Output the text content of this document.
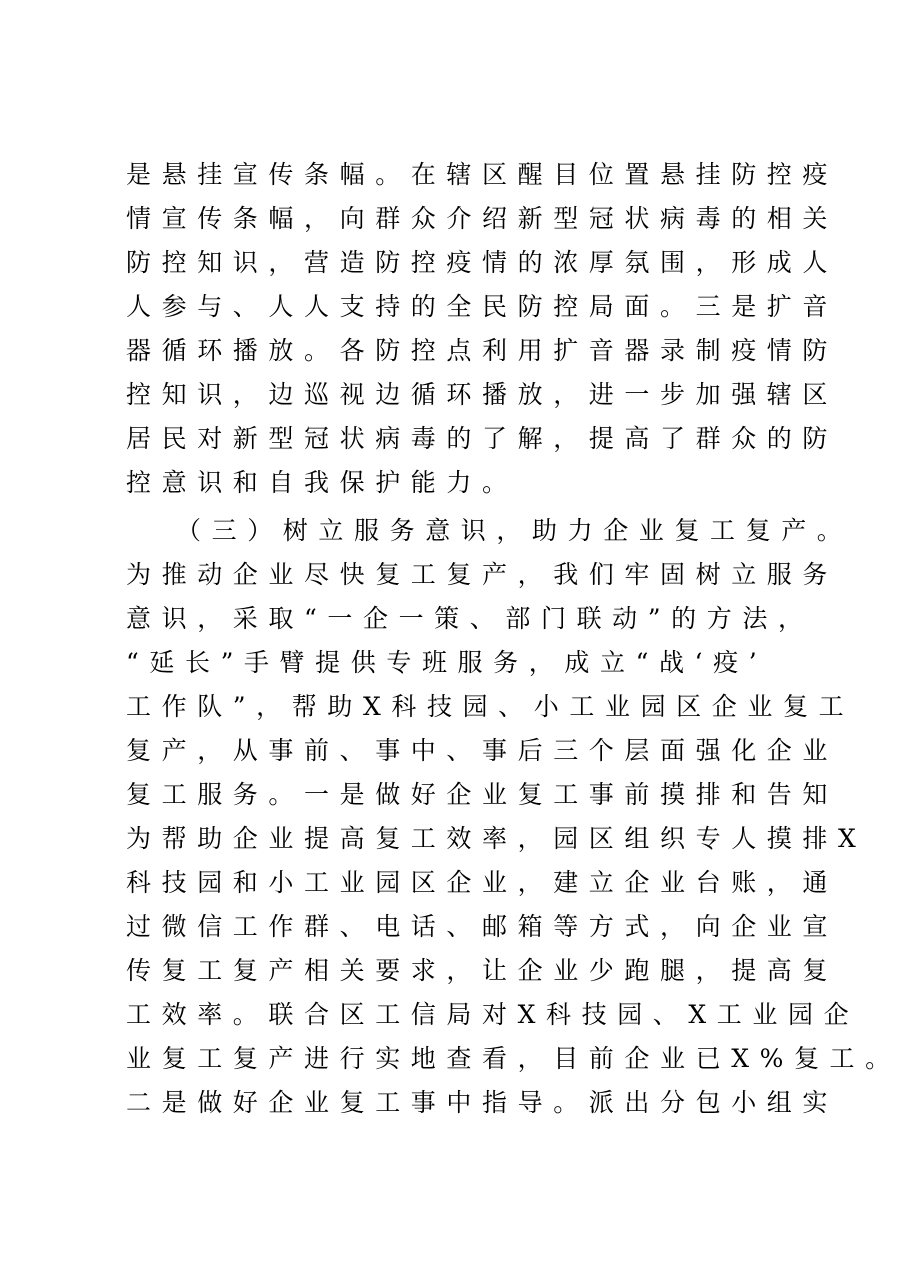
是悬挂宣传条幅。在辖区醒目位置悬挂防控疫
情宣传条幅，向群众介绍新型冠状病毒的相关
防控知识，营造防控疫情的浓厚氛围，形成人
人参与、人人支持的全民防控局面。三是扩音
器循环播放。各防控点利用扩音器录制疫情防
控知识，边巡视边循环播放，进一步加强辖区
居民对新型冠状病毒的了解，提高了群众的防
控意识和自我保护能力。
（三）树立服务意识，助力企业复工复产。
为推动企业尽快复工复产，我们牢固树立服务
意识，采取“一企一策、部门联动”的方法，
“延长”手臂提供专班服务，成立“战‘疫’
工作队”，帮助X科技园、小工业园区企业复工
复产，从事前、事中、事后三个层面强化企业
复工服务。一是做好企业复工事前摸排和告知
为帮助企业提高复工效率，园区组织专人摸排X
科技园和小工业园区企业，建立企业台账，通
过微信工作群、电话、邮箱等方式，向企业宣
传复工复产相关要求，让企业少跑腿，提高复
工效率。联合区工信局对X科技园、X工业园企
业复工复产进行实地查看，目前企业已X%复工。
二是做好企业复工事中指导。派出分包小组实
